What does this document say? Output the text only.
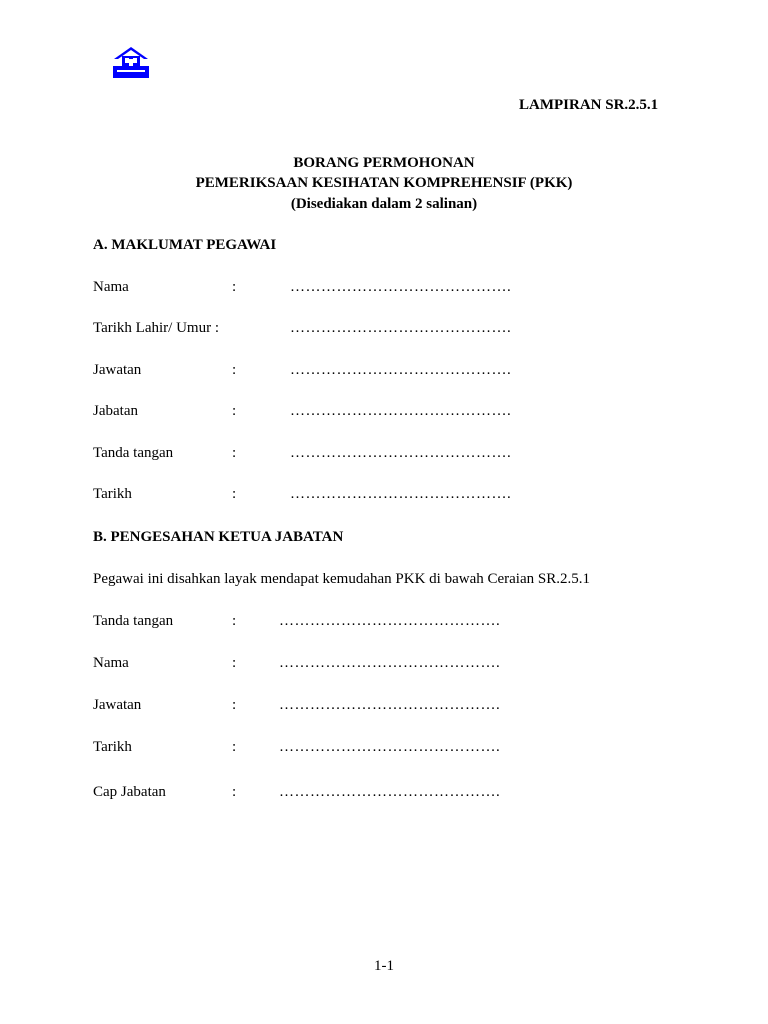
LAMPIRAN SR.2.5.1
BORANG PERMOHONAN
PEMERIKSAAN KESIHATAN KOMPREHENSIF (PKK)
(Disediakan dalam 2 salinan)
A. MAKLUMAT PEGAWAI
Nama	:	…………………………………….
Tarikh Lahir/ Umur :	…………………………………….
Jawatan	:	…………………………………….
Jabatan	:	…………………………………….
Tanda tangan	:	…………………………………….
Tarikh	:	…………………………………….
B. PENGESAHAN KETUA JABATAN
Pegawai ini disahkan layak mendapat kemudahan PKK di bawah Ceraian SR.2.5.1
Tanda tangan	:	…………………………………….
Nama	:	…………………………………….
Jawatan	:	…………………………………….
Tarikh	:	…………………………………….
Cap Jabatan	:	…………………………………….
1-1
